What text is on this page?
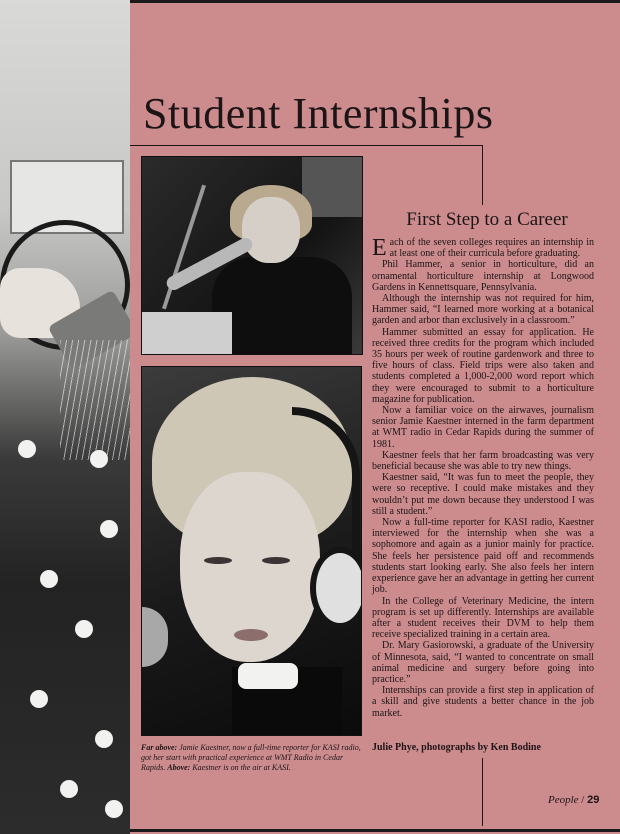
Student Internships

Far above: Jamie Kaestner, now a full-time reporter for KASI radio, got her start with practical experience at WMT Radio in Cedar Rapids. Above: Kaestner is on the air at KASI.

First Step to a Career

Each of the seven colleges requires an internship in at least one of their curricula before graduating.

Phil Hammer, a senior in horticulture, did an ornamental horticulture internship at Longwood Gardens in Kennettsquare, Pennsylvania.

Although the internship was not required for him, Hammer said, “I learned more working at a botanical garden and arbor than exclusively in a classroom.”

Hammer submitted an essay for application. He received three credits for the program which included 35 hours per week of routine gardenwork and three to five hours of class. Field trips were also taken and students completed a 1,000-2,000 word report which they were encouraged to submit to a horticulture magazine for publication.

Now a familiar voice on the airwaves, journalism senior Jamie Kaestner interned in the farm department at WMT radio in Cedar Rapids during the summer of 1981.

Kaestner feels that her farm broadcasting was very beneficial because she was able to try new things.

Kaestner said, “It was fun to meet the people, they were so receptive. I could make mistakes and they wouldn’t put me down because they understood I was still a student.”

Now a full-time reporter for KASI radio, Kaestner interviewed for the internship when she was a sophomore and again as a junior mainly for practice. She feels her persistence paid off and recommends students start looking early. She also feels her intern experience gave her an advantage in getting her current job.

In the College of Veterinary Medicine, the intern program is set up differently. Internships are available after a student receives their DVM to help them receive specialized training in a certain area.

Dr. Mary Gasiorowski, a graduate of the University of Minnesota, said, “I wanted to concentrate on small animal medicine and surgery before going into practice.”

Internships can provide a first step in application of a skill and give students a better chance in the job market.

Julie Phye, photographs by Ken Bodine

People / 29
